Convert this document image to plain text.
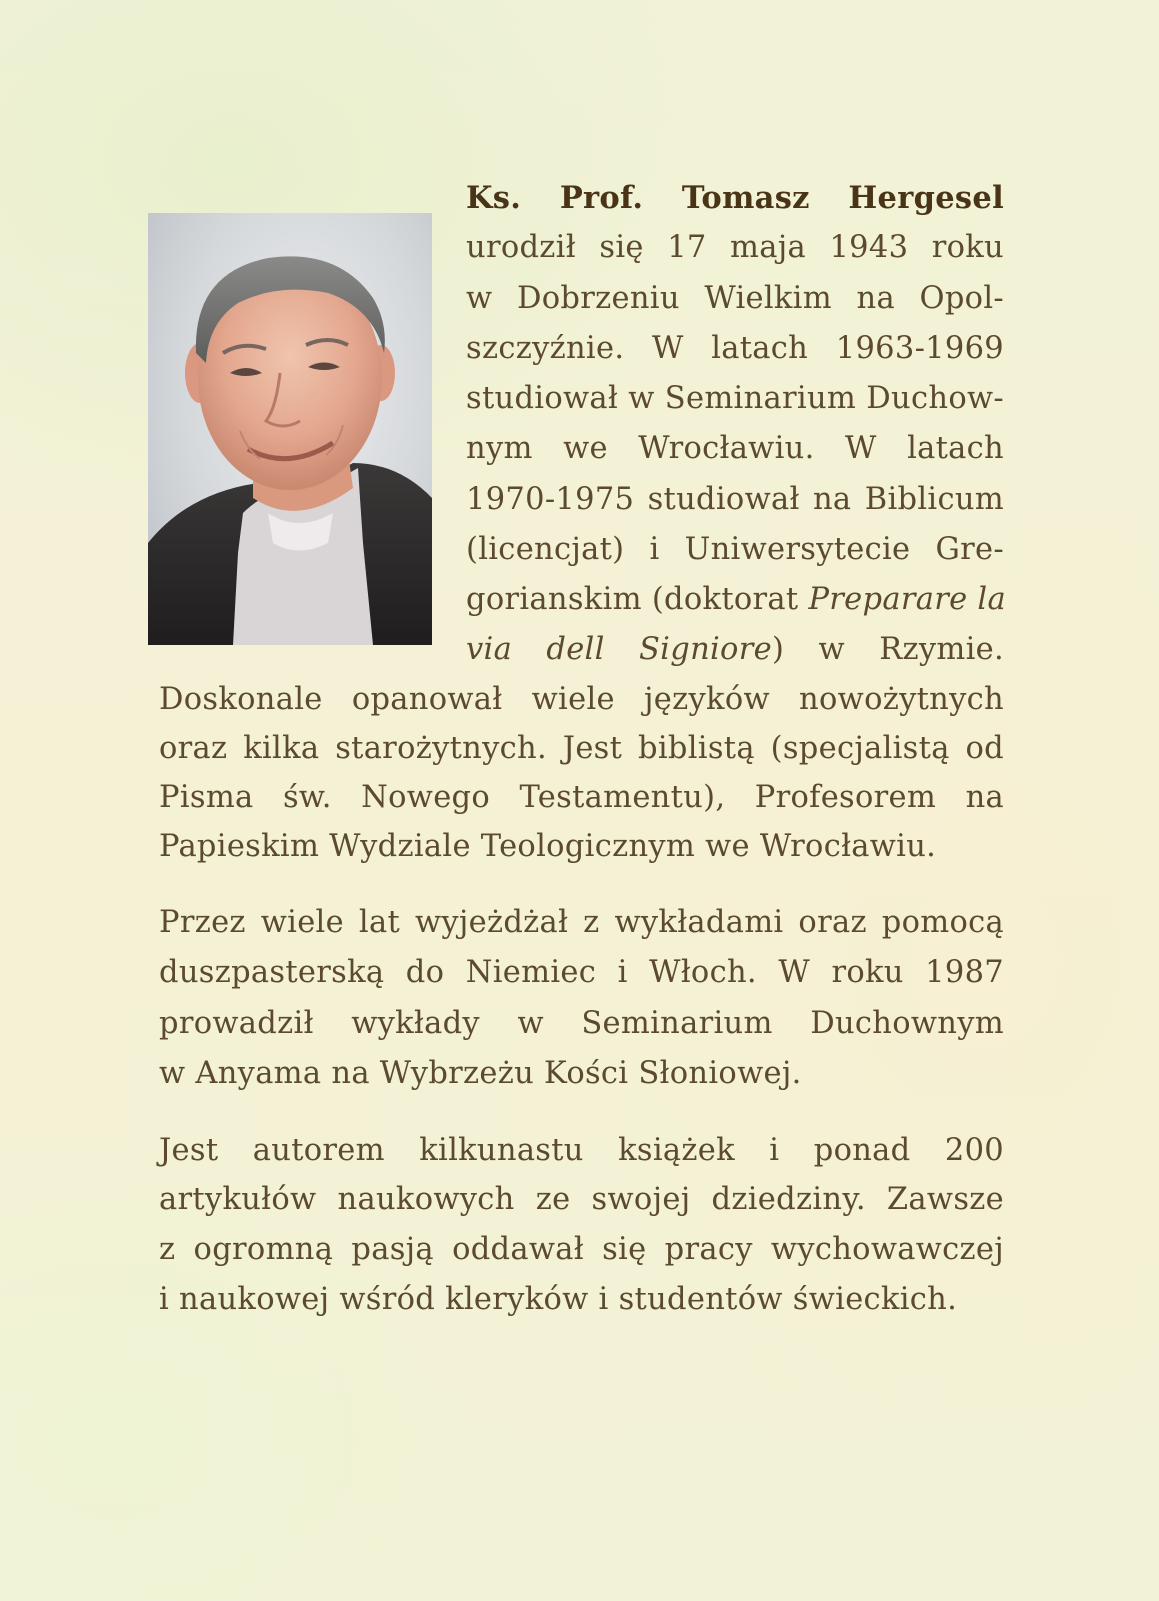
Ks. Prof. Tomasz Hergesel
urodził się 17 maja 1943 roku
w Dobrzeniu Wielkim na Opol-
szczyźnie. W latach 1963-1969
studiował w Seminarium Duchow-
nym we Wrocławiu. W latach
1970-1975 studiował na Biblicum
(licencjat) i Uniwersytecie Gre-
gorianskim (doktorat Preparare la
via dell Signiore) w Rzymie.
Doskonale opanował wiele języków nowożytnych
oraz kilka starożytnych. Jest biblistą (specjalistą od
Pisma św. Nowego Testamentu), Profesorem na
Papieskim Wydziale Teologicznym we Wrocławiu.
Przez wiele lat wyjeżdżał z wykładami oraz pomocą
duszpasterską do Niemiec i Włoch. W roku 1987
prowadził wykłady w Seminarium Duchownym
w Anyama na Wybrzeżu Kości Słoniowej.
Jest autorem kilkunastu książek i ponad 200
artykułów naukowych ze swojej dziedziny. Zawsze
z ogromną pasją oddawał się pracy wychowawczej
i naukowej wśród kleryków i studentów świeckich.
